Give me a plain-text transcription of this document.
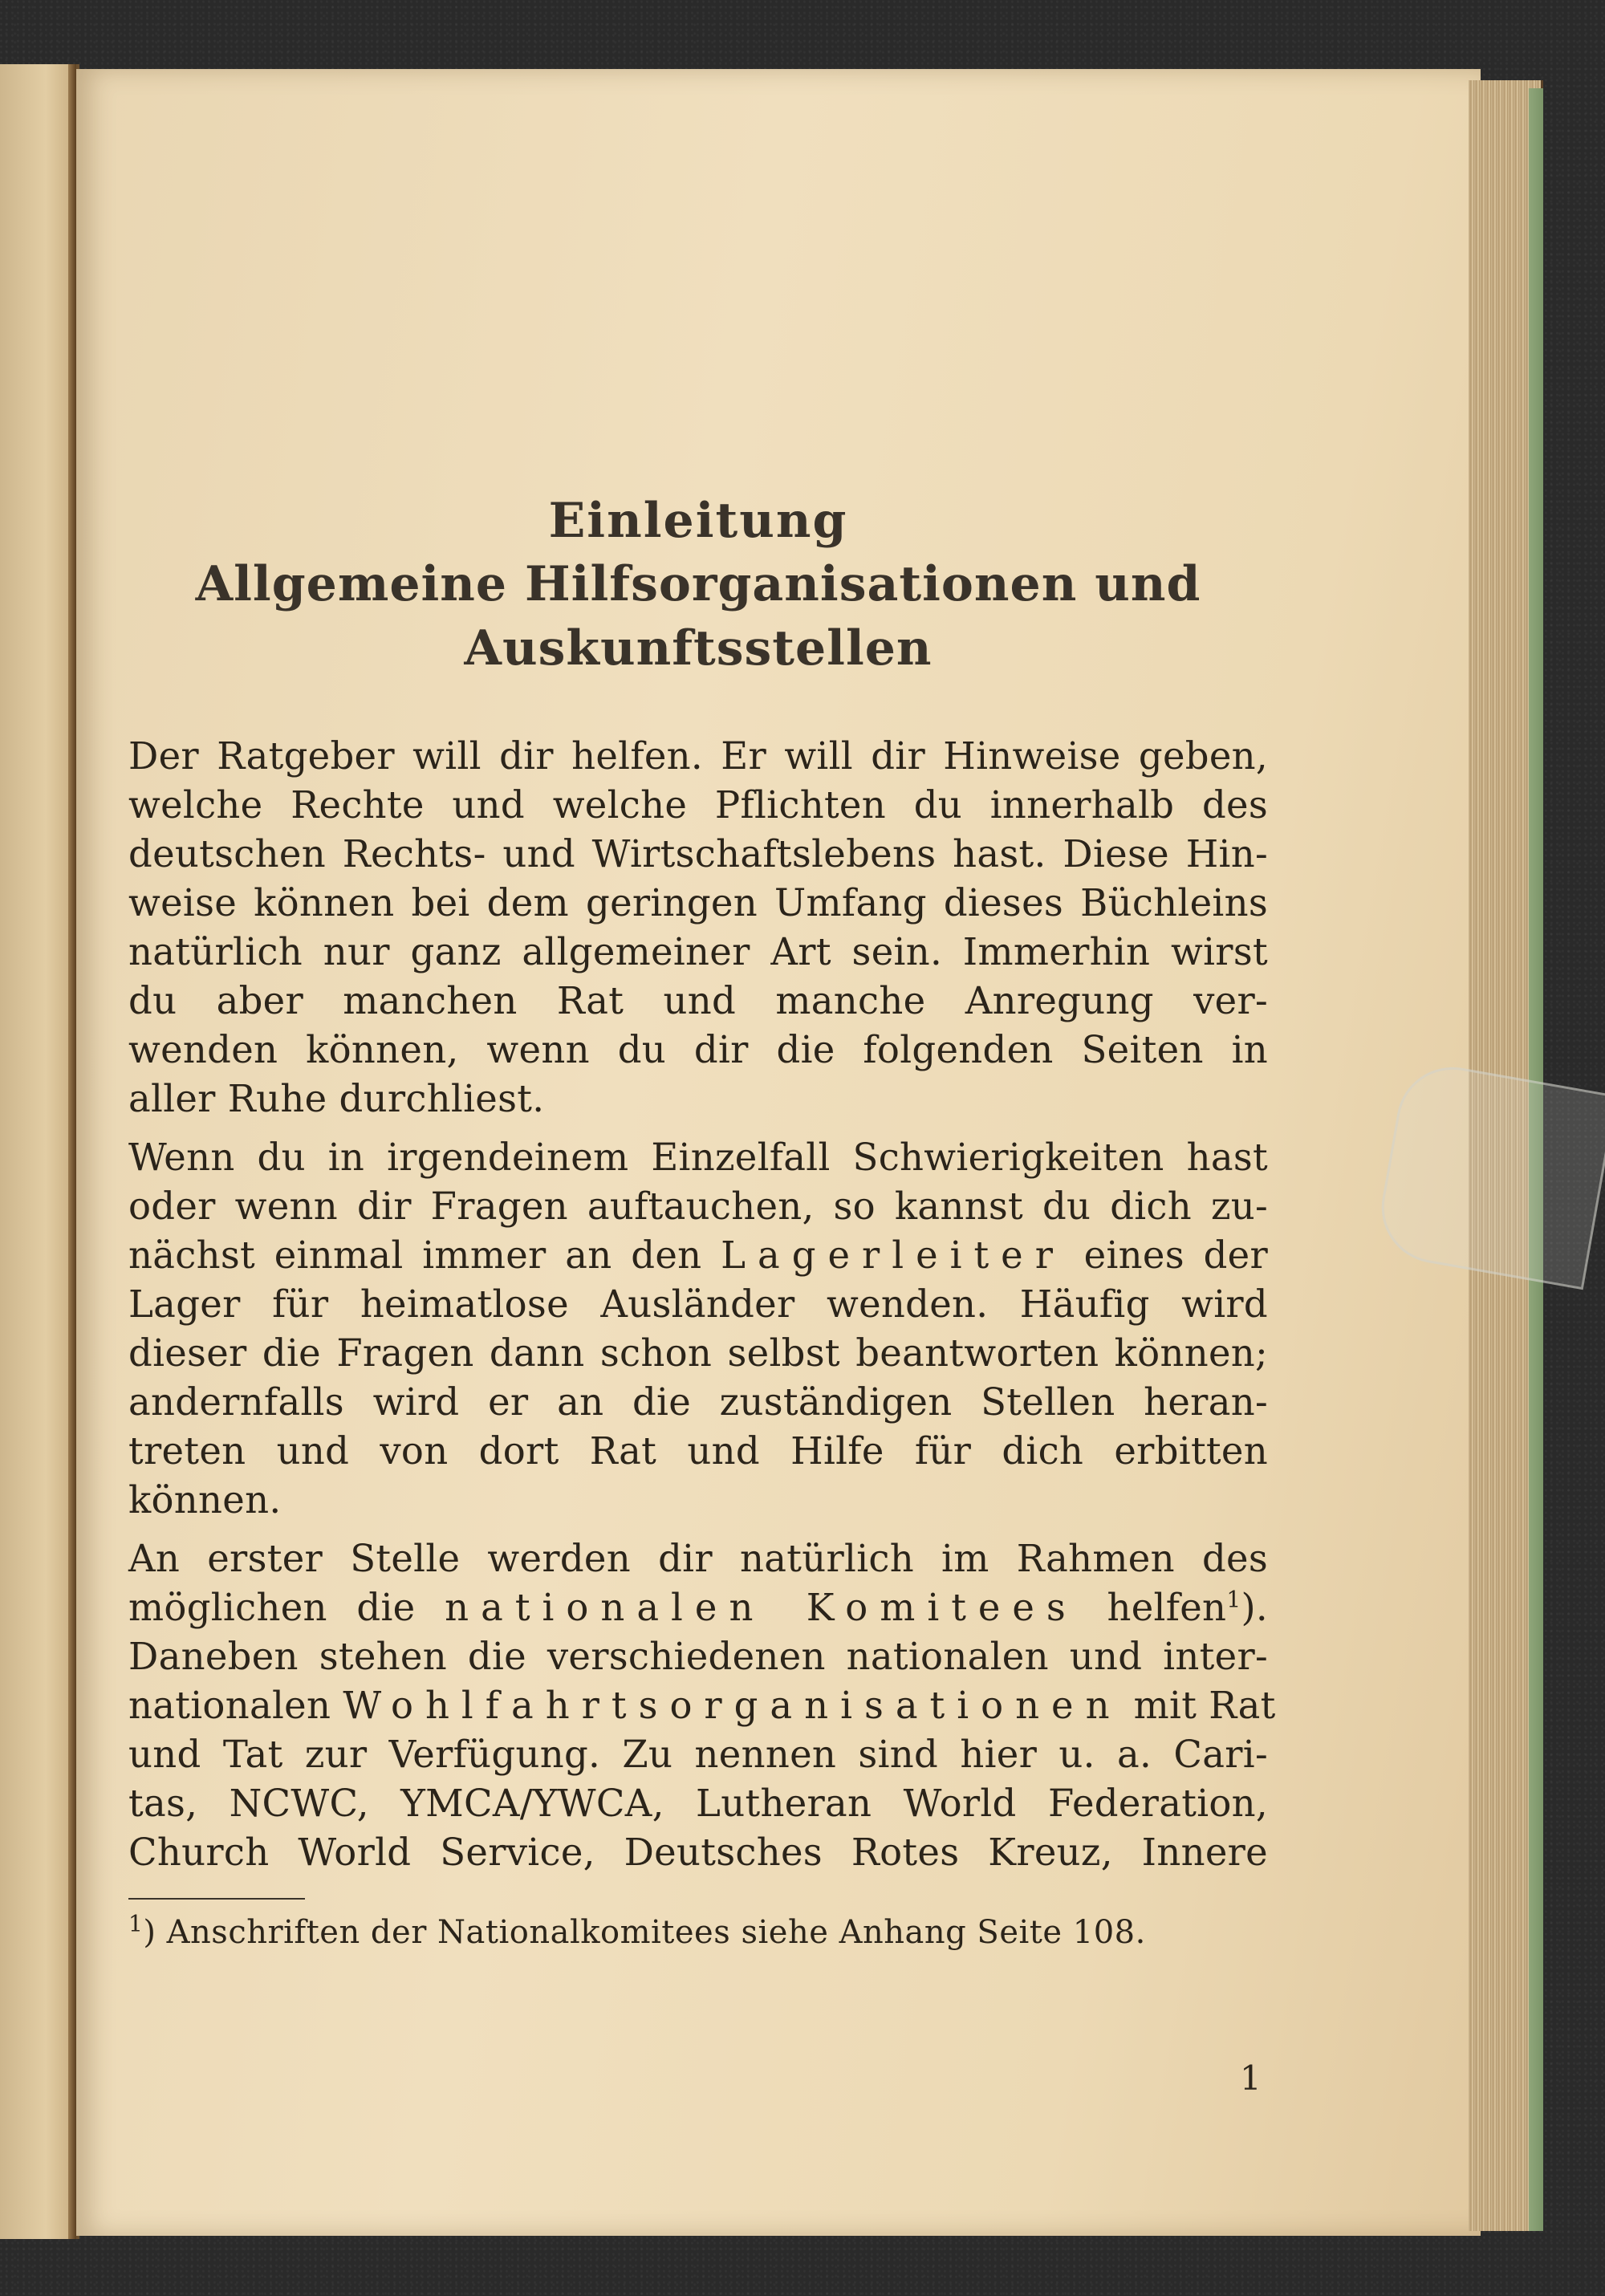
Einleitung
Allgemeine Hilfsorganisationen und
Auskunftsstellen

Der Ratgeber will dir helfen. Er will dir Hinweise geben,
welche Rechte und welche Pflichten du innerhalb des
deutschen Rechts- und Wirtschaftslebens hast. Diese Hin-
weise können bei dem geringen Umfang dieses Büchleins
natürlich nur ganz allgemeiner Art sein. Immerhin wirst
du aber manchen Rat und manche Anregung ver-
wenden können, wenn du dir die folgenden Seiten in
aller Ruhe durchliest.

Wenn du in irgendeinem Einzelfall Schwierigkeiten hast
oder wenn dir Fragen auftauchen, so kannst du dich zu-
nächst einmal immer an den Lagerleiter eines der
Lager für heimatlose Ausländer wenden. Häufig wird
dieser die Fragen dann schon selbst beantworten können;
andernfalls wird er an die zuständigen Stellen heran-
treten und von dort Rat und Hilfe für dich erbitten
können.

An erster Stelle werden dir natürlich im Rahmen des
möglichen die nationalen Komitees helfen$^1$).
Daneben stehen die verschiedenen nationalen und inter-
nationalen Wohlfahrtsorganisationen mit Rat
und Tat zur Verfügung. Zu nennen sind hier u. a. Cari-
tas, NCWC, YMCA/YWCA, Lutheran World Federation,
Church World Service, Deutsches Rotes Kreuz, Innere

$^1$) Anschriften der Nationalkomitees siehe Anhang Seite 108.
1
